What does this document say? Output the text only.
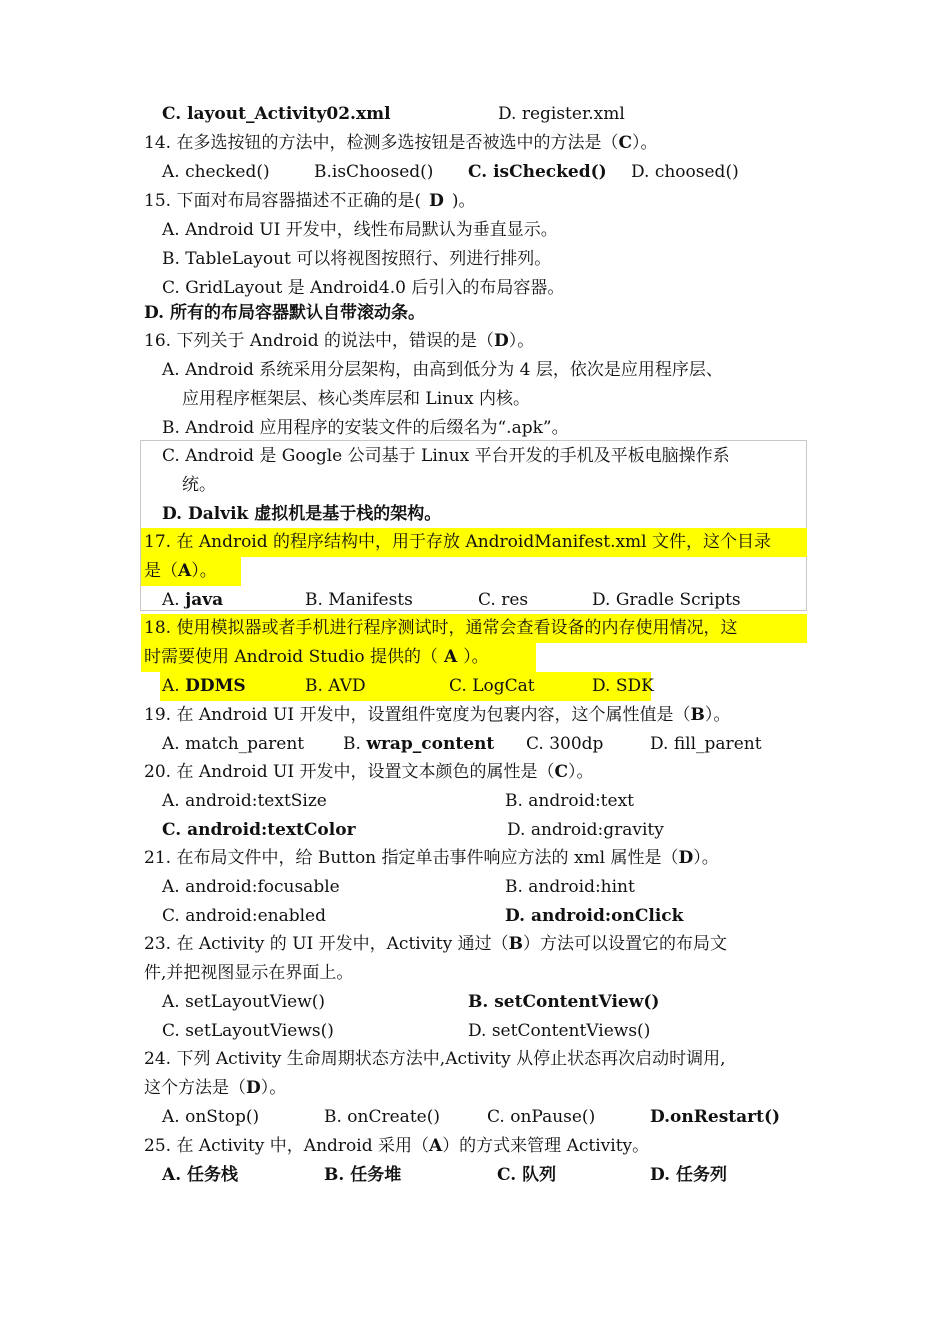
C. layout_Activity02.xml	D. register.xml
14. 在多选按钮的方法中，检测多选按钮是否被选中的方法是（C）。
A. checked()	B.isChoosed() C. isChecked() D. choosed()
15. 下面对布局容器描述不正确的是( D )。
A. Android UI 开发中，线性布局默认为垂直显示。
B. TableLayout 可以将视图按照行、列进行排列。
C. GridLayout 是 Android4.0 后引入的布局容器。
D. 所有的布局容器默认自带滚动条。
16. 下列关于 Android 的说法中，错误的是（D）。
A. Android 系统采用分层架构，由高到低分为 4 层，依次是应用程序层、
应用程序框架层、核心类库层和 Linux 内核。
B. Android 应用程序的安装文件的后缀名为“.apk”。
C. Android 是 Google 公司基于 Linux 平台开发的手机及平板电脑操作系
统。
D. Dalvik 虚拟机是基于栈的架构。
17. 在 Android 的程序结构中，用于存放 AndroidManifest.xml 文件，这个目录
是（A）。
A. java	B. Manifests	C. res	D. Gradle Scripts
18. 使用模拟器或者手机进行程序测试时，通常会查看设备的内存使用情况，这
时需要使用 Android Studio 提供的（ A ）。
A. DDMS	B. AVD	C. LogCat	D. SDK
19. 在 Android UI 开发中，设置组件宽度为包裹内容，这个属性值是（B）。
A. match_parent B. wrap_content C. 300dp	D. fill_parent
20. 在 Android UI 开发中，设置文本颜色的属性是（C）。
A. android:textSize	B. android:text
C. android:textColor	D. android:gravity
21. 在布局文件中，给 Button 指定单击事件响应方法的 xml 属性是（D）。
A. android:focusable	B. android:hint
C. android:enabled	D. android:onClick
23. 在 Activity 的 UI 开发中，Activity 通过（B）方法可以设置它的布局文
件,并把视图显示在界面上。
A. setLayoutView()	B. setContentView()
C. setLayoutViews()	D. setContentViews()
24. 下列 Activity 生命周期状态方法中,Activity 从停止状态再次启动时调用,
这个方法是（D）。
A. onStop()	B. onCreate()	C. onPause()	D.onRestart()
25. 在 Activity 中，Android 采用（A）的方式来管理 Activity。
A. 任务栈	B. 任务堆	C. 队列	D. 任务列
